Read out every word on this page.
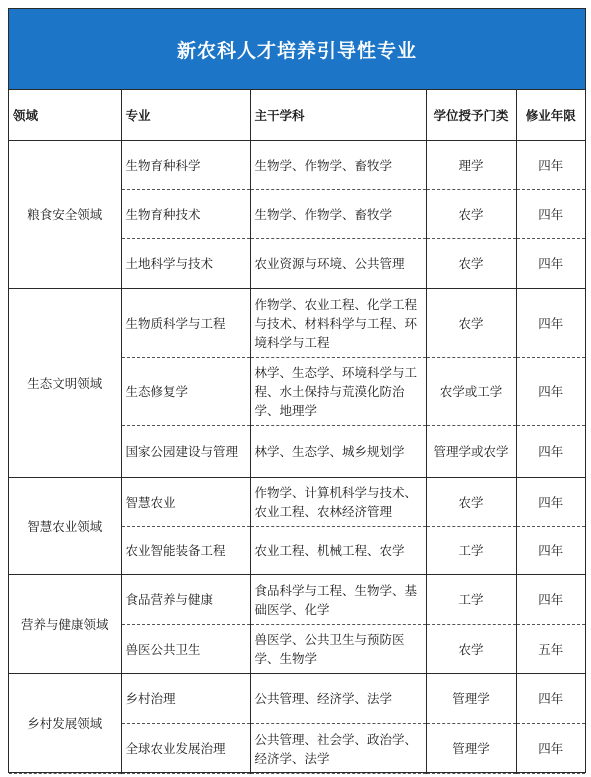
新农科人才培养引导性专业
领域	专业	主干学科	学位授予门类	修业年限
粮食安全领域	生物育种科学	生物学、作物学、畜牧学	理学	四年
	生物育种技术	生物学、作物学、畜牧学	农学	四年
	土地科学与技术	农业资源与环境、公共管理	农学	四年
生态文明领域	生物质科学与工程	作物学、农业工程、化学工程与技术、材料科学与工程、环境科学与工程	农学	四年
	生态修复学	林学、生态学、环境科学与工程、水土保持与荒漠化防治学、地理学	农学或工学	四年
	国家公园建设与管理	林学、生态学、城乡规划学	管理学或农学	四年
智慧农业领域	智慧农业	作物学、计算机科学与技术、农业工程、农林经济管理	农学	四年
	农业智能装备工程	农业工程、机械工程、农学	工学	四年
营养与健康领域	食品营养与健康	食品科学与工程、生物学、基础医学、化学	工学	四年
	兽医公共卫生	兽医学、公共卫生与预防医学、生物学	农学	五年
乡村发展领域	乡村治理	公共管理、经济学、法学	管理学	四年
	全球农业发展治理	公共管理、社会学、政治学、经济学、法学	管理学	四年
